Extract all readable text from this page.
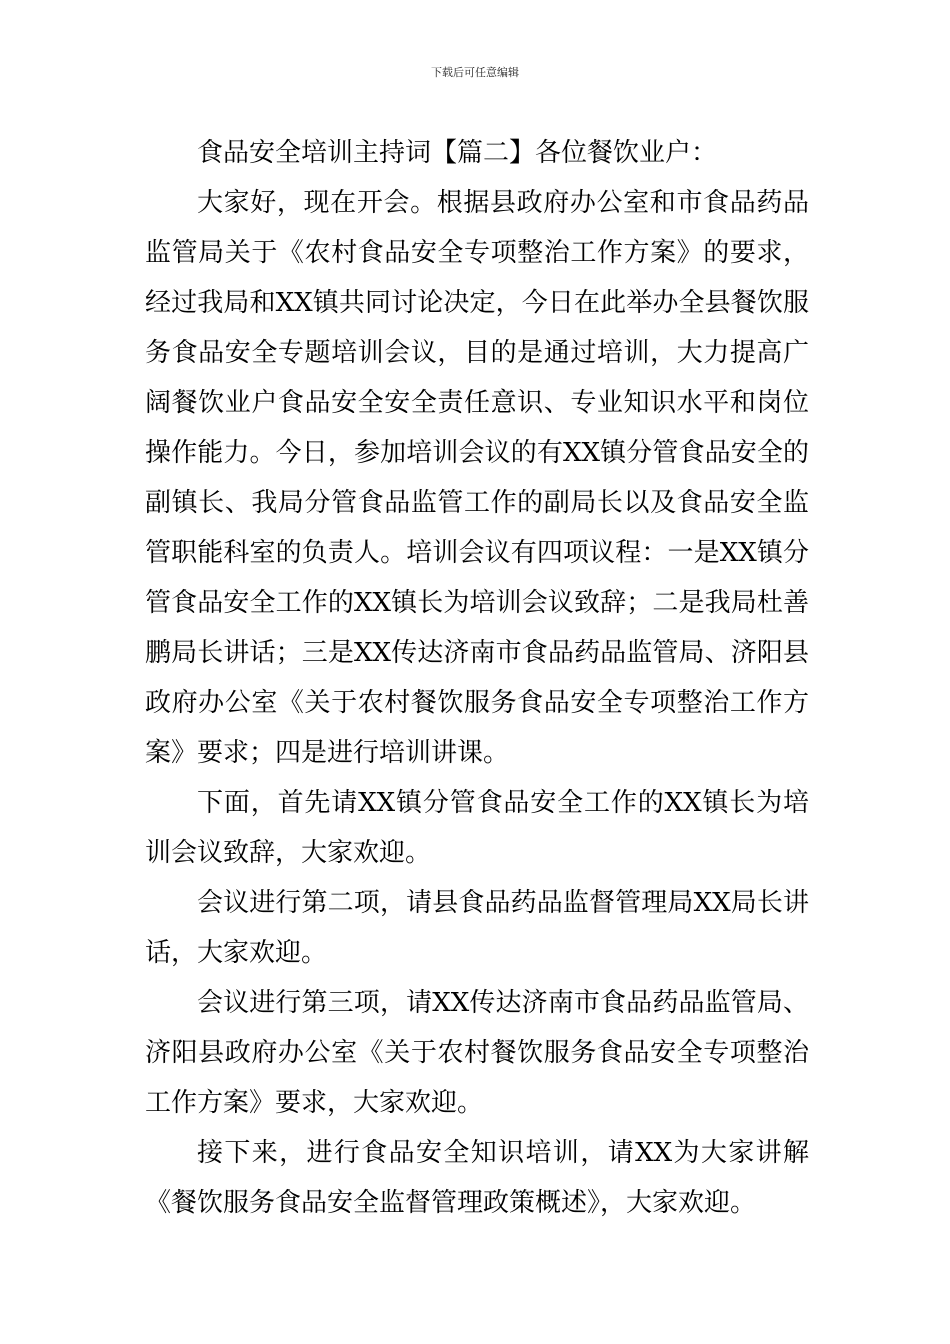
下载后可任意编辑

食品安全培训主持词【篇二】各位餐饮业户：

大家好，现在开会。根据县政府办公室和市食品药品监管局关于《农村食品安全专项整治工作方案》的要求，经过我局和XX镇共同讨论决定，今日在此举办全县餐饮服务食品安全专题培训会议，目的是通过培训，大力提高广阔餐饮业户食品安全安全责任意识、专业知识水平和岗位操作能力。今日，参加培训会议的有XX镇分管食品安全的副镇长、我局分管食品监管工作的副局长以及食品安全监管职能科室的负责人。培训会议有四项议程：一是XX镇分管食品安全工作的XX镇长为培训会议致辞；二是我局杜善鹏局长讲话；三是XX传达济南市食品药品监管局、济阳县政府办公室《关于农村餐饮服务食品安全专项整治工作方案》要求；四是进行培训讲课。

下面，首先请XX镇分管食品安全工作的XX镇长为培训会议致辞，大家欢迎。

会议进行第二项，请县食品药品监督管理局XX局长讲话，大家欢迎。

会议进行第三项，请XX传达济南市食品药品监管局、济阳县政府办公室《关于农村餐饮服务食品安全专项整治工作方案》要求，大家欢迎。

接下来，进行食品安全知识培训，请XX为大家讲解《餐饮服务食品安全监督管理政策概述》，大家欢迎。
